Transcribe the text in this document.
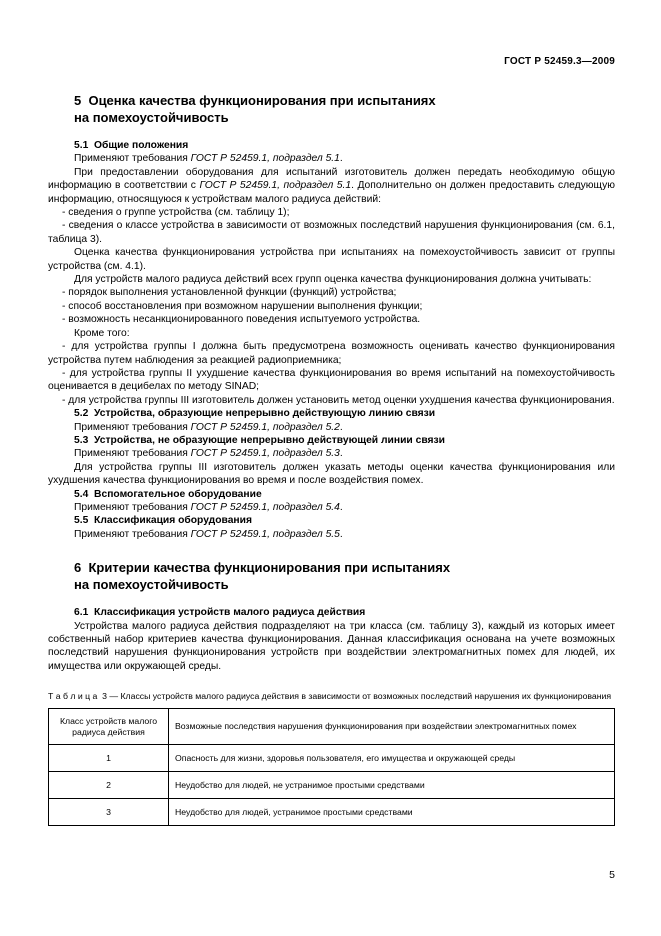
ГОСТ Р 52459.3—2009
5  Оценка качества функционирования при испытаниях
на помехоустойчивость
5.1  Общие положения

Применяют требования ГОСТ Р 52459.1, подраздел 5.1.

При предоставлении оборудования для испытаний изготовитель должен передать необходимую общую информацию в соответствии с ГОСТ Р 52459.1, подраздел 5.1. Дополнительно он должен предоставить следующую информацию, относящуюся к устройствам малого радиуса действий:

- сведения о группе устройства (см. таблицу 1);

- сведения о классе устройства в зависимости от возможных последствий нарушения функционирования (см. 6.1, таблица 3).

Оценка качества функционирования устройства при испытаниях на помехоустойчивость зависит от группы устройства (см. 4.1).

Для устройств малого радиуса действий всех групп оценка качества функционирования должна учитывать:

- порядок выполнения установленной функции (функций) устройства;

- способ восстановления при возможном нарушении выполнения функции;

- возможность несанкционированного поведения испытуемого устройства.

Кроме того:

- для устройства группы I должна быть предусмотрена возможность оценивать качество функционирования устройства путем наблюдения за реакцией радиоприемника;

- для устройства группы II ухудшение качества функционирования во время испытаний на помехоустойчивость оценивается в децибелах по методу SINAD;

- для устройства группы III изготовитель должен установить метод оценки ухудшения качества функционирования.

5.2  Устройства, образующие непрерывно действующую линию связи

Применяют требования ГОСТ Р 52459.1, подраздел 5.2.

5.3  Устройства, не образующие непрерывно действующей линии связи

Применяют требования ГОСТ Р 52459.1, подраздел 5.3.

Для устройства группы III изготовитель должен указать методы оценки качества функционирования или ухудшения качества функционирования во время и после воздействия помех.

5.4  Вспомогательное оборудование

Применяют требования ГОСТ Р 52459.1, подраздел 5.4.

5.5  Классификация оборудования

Применяют требования ГОСТ Р 52459.1, подраздел 5.5.

6  Критерии качества функционирования при испытаниях
на помехоустойчивость
6.1  Классификация устройств малого радиуса действия

Устройства малого радиуса действия подразделяют на три класса (см. таблицу 3), каждый из которых имеет собственный набор критериев качества функционирования. Данная классификация основана на учете возможных последствий нарушения функционирования устройств при воздействии электромагнитных помех для людей, их имущества или окружающей среды.

Т а б л и ц а  3 — Классы устройств малого радиуса действия в зависимости от возможных последствий нарушения их функционирования
Класс устройств малого радиуса действия	Возможные последствия нарушения функционирования при воздействии электромагнитных помех
1	Опасность для жизни, здоровья пользователя, его имущества и окружающей среды
2	Неудобство для людей, не устранимое простыми средствами
3	Неудобство для людей, устранимое простыми средствами
5
